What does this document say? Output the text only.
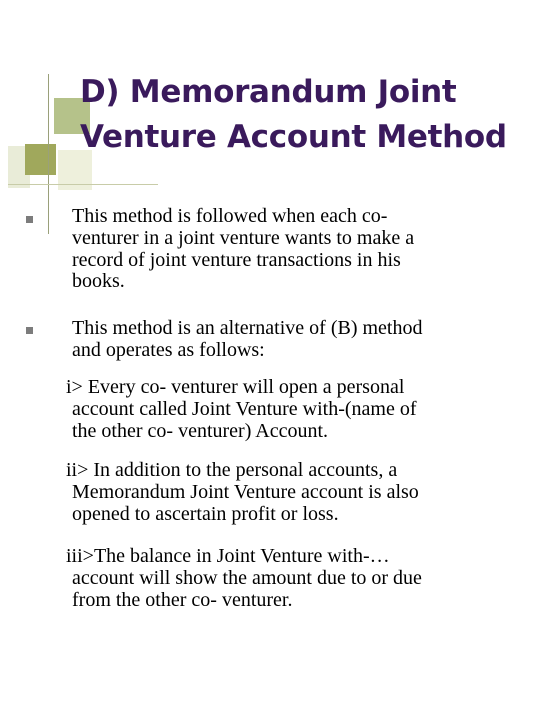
D) Memorandum Joint
Venture Account Method

This method is followed when each co-
venturer in a joint venture wants to make a
record of joint venture transactions in his
books.

This method is an alternative of (B) method
and operates as follows:

i> Every co- venturer will open a personal
account called Joint Venture with-(name of
the other co- venturer) Account.

ii> In addition to the personal accounts, a
Memorandum Joint Venture account is also
opened to ascertain profit or loss.

iii>The balance in Joint Venture with-…
account will show the amount due to or due
from the other co- venturer.
